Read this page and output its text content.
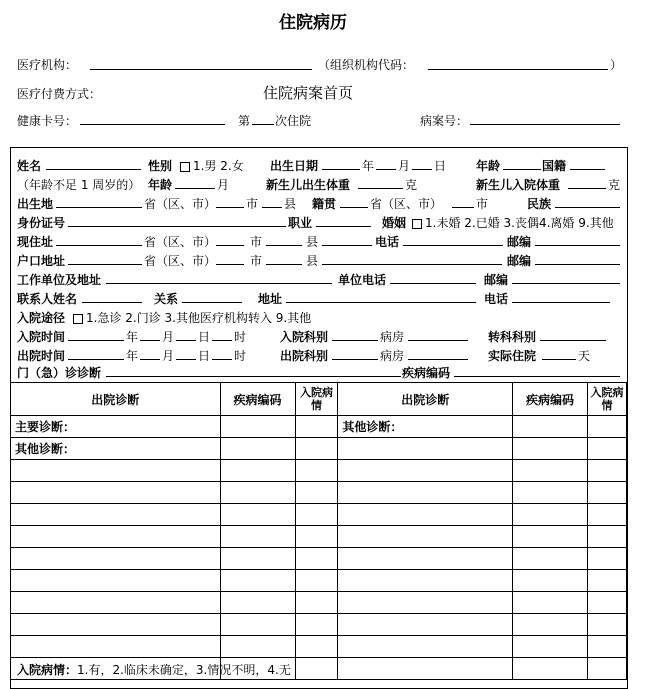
住院病历
医疗机构：	（组织机构代码：	）
医疗付费方式：	住院病案首页
健康卡号：	第 次住院	病案号：
姓名	性别	1.男 2.女 出生日期	年 月 日 年龄	国籍
（年龄不足 1 周岁的） 年龄	月	新生儿出生体重	克	新生儿入院体重	克
出生地	省（区、市） 市 县 籍贯	省（区、市）	市	民族
身份证号	职业	婚姻	1.未婚 2.已婚 3.丧偶4.离婚 9.其他
现住址	省（区、市）	市	县	电话	邮编
户口地址	省（区、市）	市	县	邮编
工作单位及地址	单位电话	邮编
联系人姓名	关系	地址	电话
入院途径	1.急诊 2.门诊 3.其他医疗机构转入 9.其他
入院时间	年 月 日 时	入院科别	病房	转科科别
出院时间	年 月 日 时	出院科别	病房	实际住院	天
门（急）诊诊断	疾病编码
出院诊断	疾病编码	入院病情	出院诊断	疾病编码	入院病情
主要诊断：			其他诊断：		
其他诊断：					

入院病情：1.有，2.临床未确定，3.情况不明，4.无
